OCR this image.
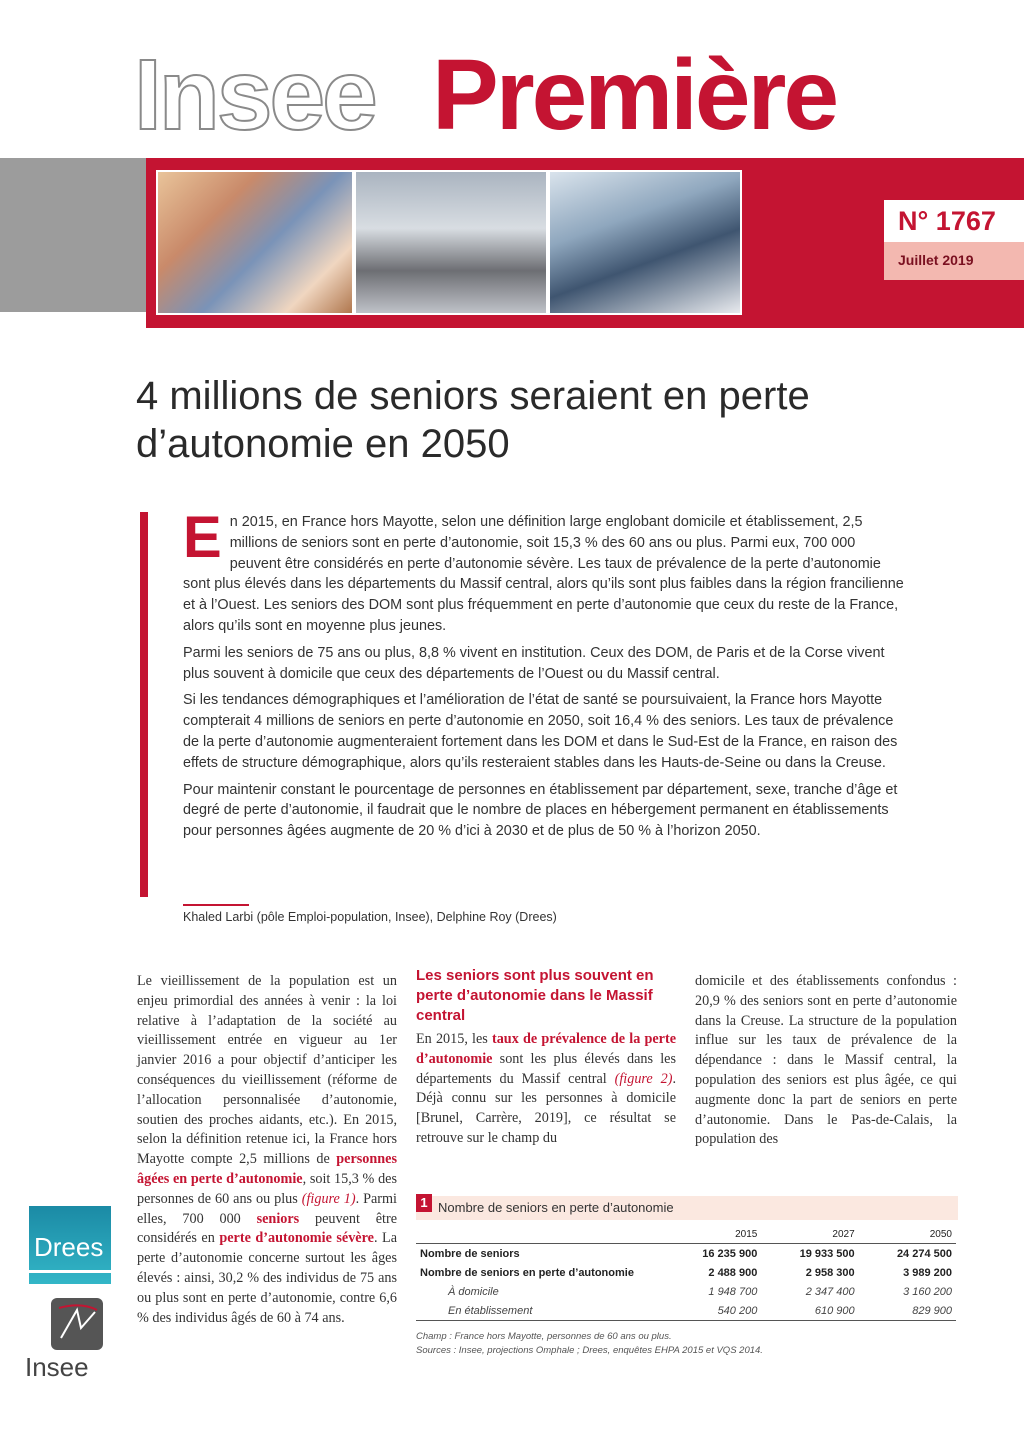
Insee Première
N° 1767
Juillet 2019
4 millions de seniors seraient en perte d’autonomie en 2050

En 2015, en France hors Mayotte, selon une définition large englobant domicile et établissement, 2,5 millions de seniors sont en perte d’autonomie, soit 15,3 % des 60 ans ou plus. Parmi eux, 700 000 peuvent être considérés en perte d’autonomie sévère. Les taux de prévalence de la perte d’autonomie sont plus élevés dans les départements du Massif central, alors qu’ils sont plus faibles dans la région francilienne et à l’Ouest. Les seniors des DOM sont plus fréquemment en perte d’autonomie que ceux du reste de la France, alors qu’ils sont en moyenne plus jeunes.

Parmi les seniors de 75 ans ou plus, 8,8 % vivent en institution. Ceux des DOM, de Paris et de la Corse vivent plus souvent à domicile que ceux des départements de l’Ouest ou du Massif central.

Si les tendances démographiques et l’amélioration de l’état de santé se poursuivaient, la France hors Mayotte compterait 4 millions de seniors en perte d’autonomie en 2050, soit 16,4 % des seniors. Les taux de prévalence de la perte d’autonomie augmenteraient fortement dans les DOM et dans le Sud-Est de la France, en raison des effets de structure démographique, alors qu’ils resteraient stables dans les Hauts-de-Seine ou dans la Creuse.

Pour maintenir constant le pourcentage de personnes en établissement par département, sexe, tranche d’âge et degré de perte d’autonomie, il faudrait que le nombre de places en hébergement permanent en établissements pour personnes âgées augmente de 20 % d’ici à 2030 et de plus de 50 % à l’horizon 2050.

Khaled Larbi (pôle Emploi-population, Insee), Delphine Roy (Drees)
Le vieillissement de la population est un enjeu primordial des années à venir : la loi relative à l’adaptation de la société au vieillissement entrée en vigueur au 1er janvier 2016 a pour objectif d’anticiper les conséquences du vieillissement (réforme de l’allocation personnalisée d’autonomie, soutien des proches aidants, etc.). En 2015, selon la définition retenue ici, la France hors Mayotte compte 2,5 millions de personnes âgées en perte d’autonomie, soit 15,3 % des personnes de 60 ans ou plus (figure 1). Parmi elles, 700 000 seniors peuvent être considérés en perte d’autonomie sévère. La perte d’autonomie concerne surtout les âges élevés : ainsi, 30,2 % des individus de 75 ans ou plus sont en perte d’autonomie, contre 6,6 % des individus âgés de 60 à 74 ans.
Les seniors sont plus souvent en perte d’autonomie dans le Massif central
En 2015, les taux de prévalence de la perte d’autonomie sont les plus élevés dans les départements du Massif central (figure 2). Déjà connu sur les personnes à domicile [Brunel, Carrère, 2019], ce résultat se retrouve sur le champ du
domicile et des établissements confondus : 20,9 % des seniors sont en perte d’autonomie dans la Creuse. La structure de la population influe sur les taux de prévalence de la dépendance : dans le Massif central, la population des seniors est plus âgée, ce qui augmente donc la part de seniors en perte d’autonomie. Dans le Pas-de-Calais, la population des
1 Nombre de seniors en perte d’autonomie
	2015	2027	2050
Nombre de seniors	16 235 900	19 933 500	24 274 500
Nombre de seniors en perte d’autonomie	2 488 900	2 958 300	3 989 200
À domicile	1 948 700	2 347 400	3 160 200
En établissement	540 200	610 900	829 900
Champ : France hors Mayotte, personnes de 60 ans ou plus.
Sources : Insee, projections Omphale ; Drees, enquêtes EHPA 2015 et VQS 2014.
Drees
Insee
